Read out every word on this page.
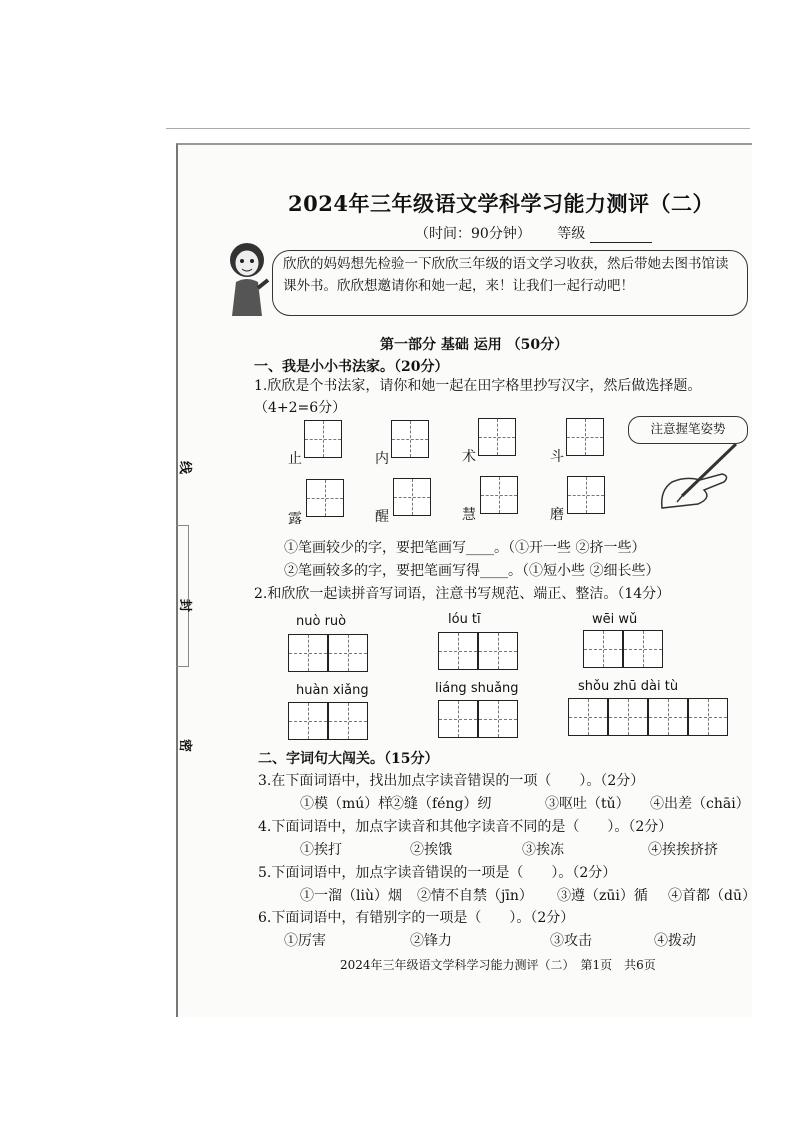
线
封
密
2024年三年级语文学科学习能力测评（二）
（时间：90分钟） 等级
欣欣的妈妈想先检验一下欣欣三年级的语文学习收获，然后带她去图书馆读课外书。欣欣想邀请你和她一起，来！让我们一起行动吧！
第一部分 基础 运用 （50分）
一、我是小小书法家。（20分）
1.欣欣是个书法家，请你和她一起在田字格里抄写汉字，然后做选择题。
（4+2=6分）
止	内	术	斗
露	醒	慧	磨
注意握笔姿势
①笔画较少的字，要把笔画写____。（①开一些 ②挤一些）
②笔画较多的字，要把笔画写得____。（①短小些 ②细长些）
2.和欣欣一起读拼音写词语，注意书写规范、端正、整洁。（14分）
nuò ruò	lóu tī	wēi wǔ
huàn xiǎng	liáng shuǎng	shǒu zhū dài tù
二、字词句大闯关。（15分）
3.在下面词语中，找出加点字读音错误的一项（　　）。（2分）
①模（mú）样
②缝（féng）纫	③呕吐（tǔ） ④出差（chāi）
4.下面词语中，加点字读音和其他字读音不同的是（　　）。（2分）
①挨打	②挨饿	③挨冻	④挨挨挤挤
5.下面词语中，加点字读音错误的一项是（　　）。（2分）
①一溜（liù）烟 ②情不自禁（jīn） ③遵（zūi）循 ④首都（dū）
6.下面词语中，有错别字的一项是（　　）。（2分）
①厉害	②锋力	③攻击	④拨动
2024年三年级语文学科学习能力测评（二）　第1页　共6页
